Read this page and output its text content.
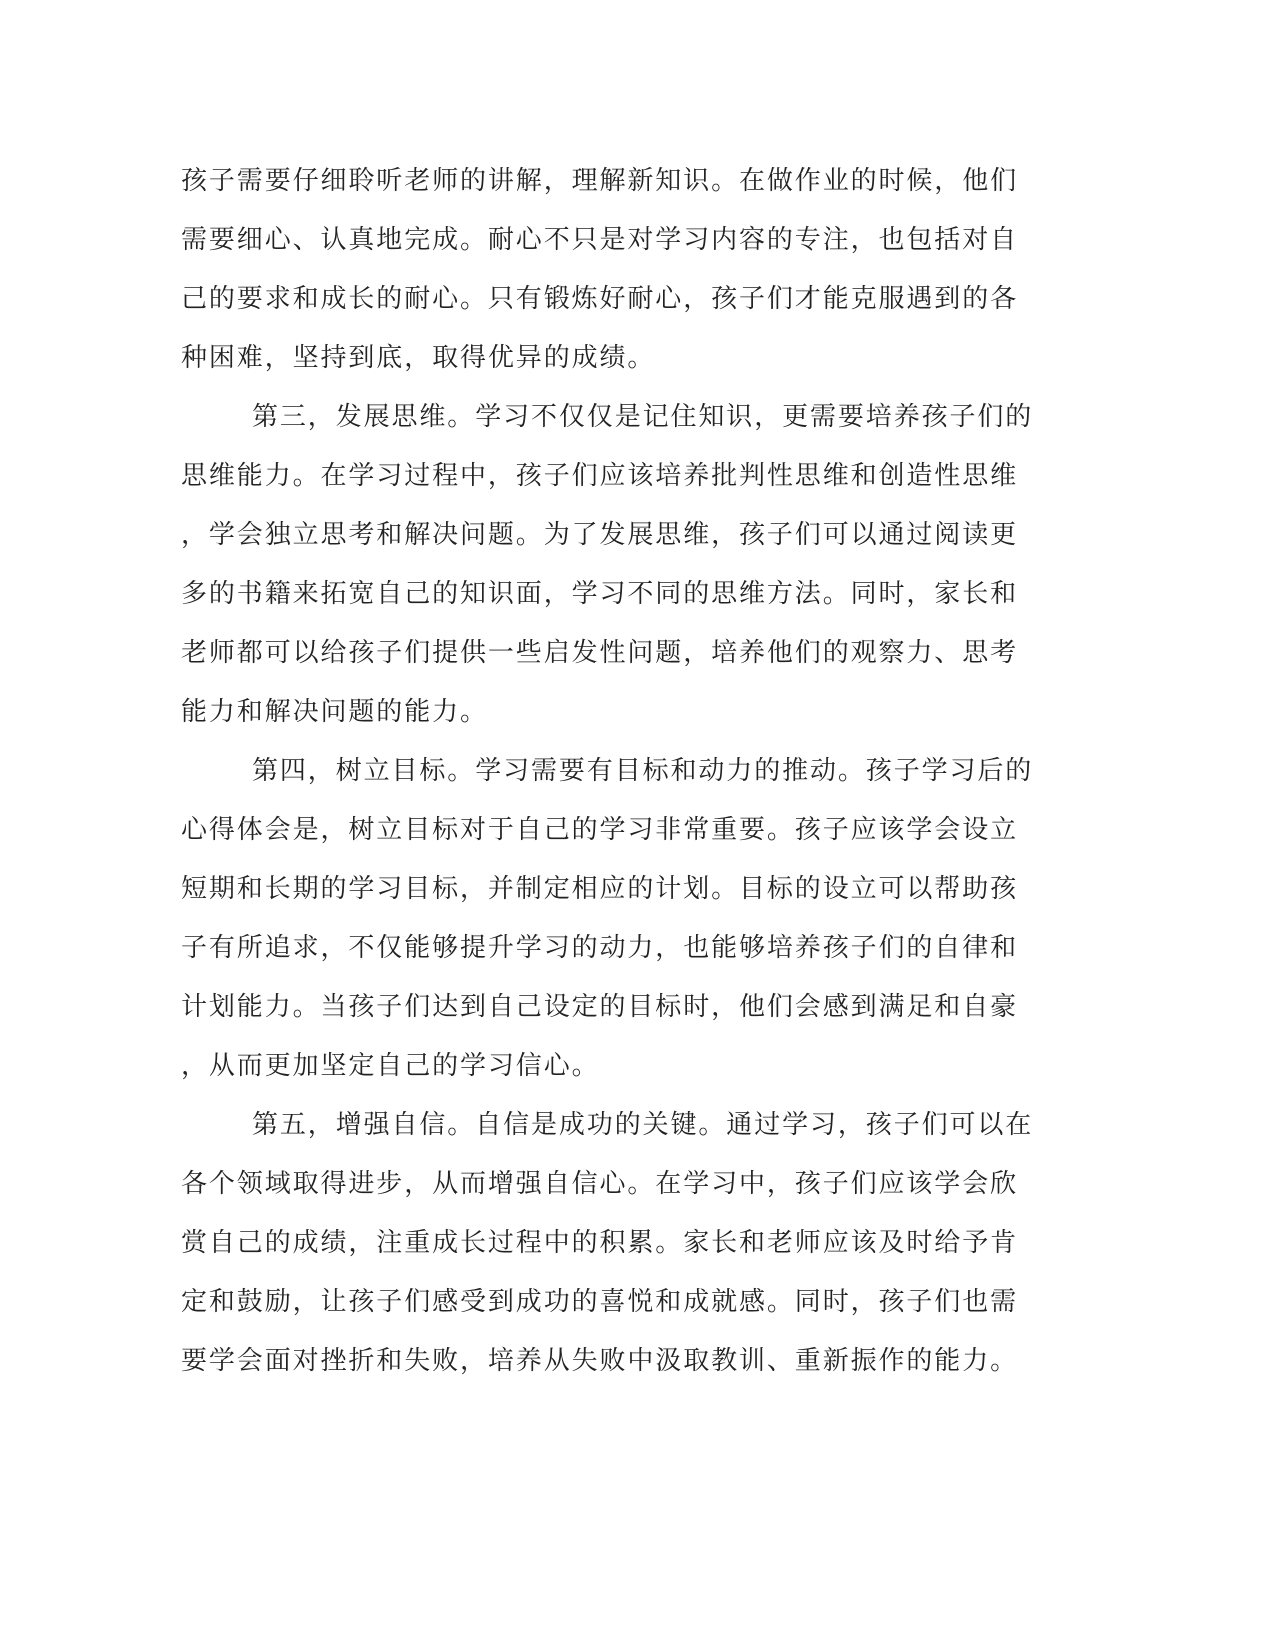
孩子需要仔细聆听老师的讲解，理解新知识。在做作业的时候，他们
需要细心、认真地完成。耐心不只是对学习内容的专注，也包括对自
己的要求和成长的耐心。只有锻炼好耐心，孩子们才能克服遇到的各
种困难，坚持到底，取得优异的成绩。
第三，发展思维。学习不仅仅是记住知识，更需要培养孩子们的
思维能力。在学习过程中，孩子们应该培养批判性思维和创造性思维
，学会独立思考和解决问题。为了发展思维，孩子们可以通过阅读更
多的书籍来拓宽自己的知识面，学习不同的思维方法。同时，家长和
老师都可以给孩子们提供一些启发性问题，培养他们的观察力、思考
能力和解决问题的能力。
第四，树立目标。学习需要有目标和动力的推动。孩子学习后的
心得体会是，树立目标对于自己的学习非常重要。孩子应该学会设立
短期和长期的学习目标，并制定相应的计划。目标的设立可以帮助孩
子有所追求，不仅能够提升学习的动力，也能够培养孩子们的自律和
计划能力。当孩子们达到自己设定的目标时，他们会感到满足和自豪
，从而更加坚定自己的学习信心。
第五，增强自信。自信是成功的关键。通过学习，孩子们可以在
各个领域取得进步，从而增强自信心。在学习中，孩子们应该学会欣
赏自己的成绩，注重成长过程中的积累。家长和老师应该及时给予肯
定和鼓励，让孩子们感受到成功的喜悦和成就感。同时，孩子们也需
要学会面对挫折和失败，培养从失败中汲取教训、重新振作的能力。
